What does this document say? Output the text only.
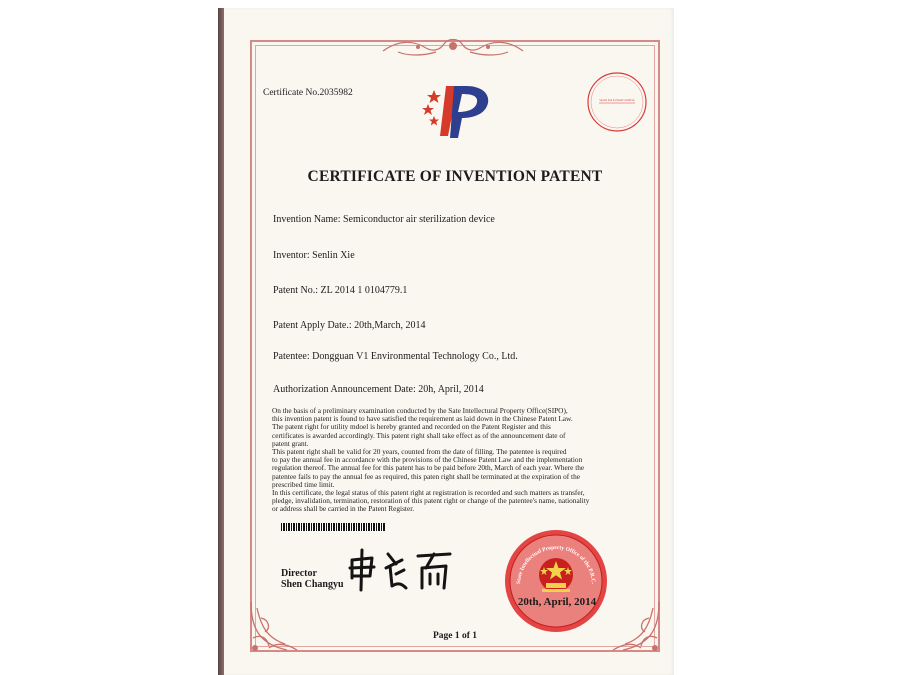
Certificate No.2035982
Special Seal for Patent Certificate
CERTIFICATE OF INVENTION PATENT
Invention Name: Semiconductor air sterilization device
Inventor: Senlin Xie
Patent No.: ZL 2014 1 0104779.1
Patent Apply Date.: 20th,March, 2014
Patentee: Dongguan V1 Environmental Technology Co., Ltd.
Authorization Announcement Date: 20h, April, 2014
On the basis of a preliminary examination conducted by the Sate Intellectural Property Office(SIPO),
this invention patent is found to have satisfied the requirement as laid down in the Chinese Patent Law.
The patent right for utility mdoel is hereby granted and recorded on the Patent Register and this
certificates is awarded accordingly. This patent right shall take effect as of the announcement date of
patent grant.
This patent right shall be valid for 20 years, counted from the date of filling. The patentee is required
to pay the annual fee in accordance with the provisions of the Chinese Patent Law and the implementation
regulation thereof. The annual fee for this patent has to be paid before 20th, March of each year. Where the
patentee fails to pay the annual fee as required, this paten right shall be terminated at the expiration of the
prescribed time limit.
In this certificate, the legal status of this patent right at registration is recorded and such matters as transfer,
pledge, invalidation, termination, restoration of this patent right or change of the patentee's name, nationality
or address shall be carried in the Patent Register.
Director
Shen Changyu	State Intellectual Property Office of the P.R.C.
20th, April, 2014
Page 1 of 1
